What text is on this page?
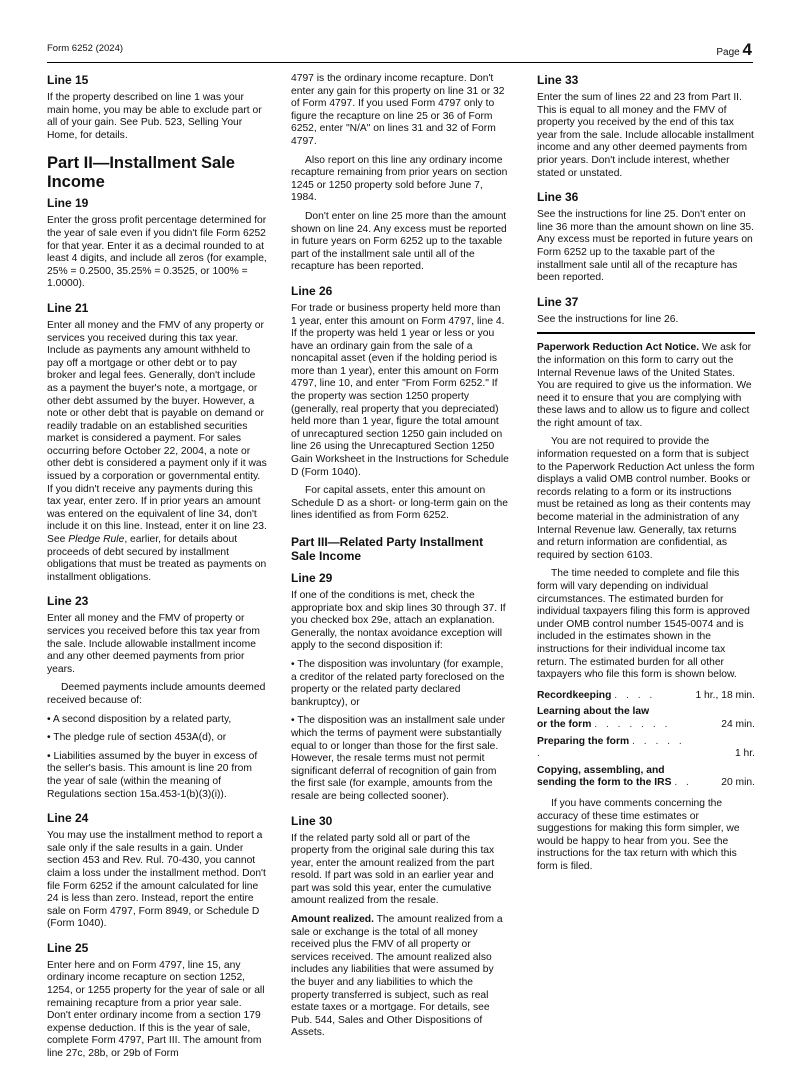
Form 6252 (2024)	Page 4
Line 15

If the property described on line 1 was your main home, you may be able to exclude part or all of your gain. See Pub. 523, Selling Your Home, for details.

Part II—Installment Sale Income
Line 19

Enter the gross profit percentage determined for the year of sale even if you didn't file Form 6252 for that year. Enter it as a decimal rounded to at least 4 digits, and include all zeros (for example, 25% = 0.2500, 35.25% = 0.3525, or 100% = 1.0000).

Line 21

Enter all money and the FMV of any property or services you received during this tax year. Include as payments any amount withheld to pay off a mortgage or other debt or to pay broker and legal fees. Generally, don't include as a payment the buyer's note, a mortgage, or other debt assumed by the buyer. However, a note or other debt that is payable on demand or readily tradable on an established securities market is considered a payment. For sales occurring before October 22, 2004, a note or other debt is considered a payment only if it was issued by a corporation or governmental entity. If you didn't receive any payments during this tax year, enter zero. If in prior years an amount was entered on the equivalent of line 34, don't include it on this line. Instead, enter it on line 23. See Pledge Rule, earlier, for details about proceeds of debt secured by installment obligations that must be treated as payments on installment obligations.

Line 23

Enter all money and the FMV of property or services you received before this tax year from the sale. Include allowable installment income and any other deemed payments from prior years.

Deemed payments include amounts deemed received because of:

• A second disposition by a related party,

• The pledge rule of section 453A(d), or

• Liabilities assumed by the buyer in excess of the seller's basis. This amount is line 20 from the year of sale (within the meaning of Regulations section 15a.453-1(b)(3)(i)).

Line 24

You may use the installment method to report a sale only if the sale results in a gain. Under section 453 and Rev. Rul. 70-430, you cannot claim a loss under the installment method. Don't file Form 6252 if the amount calculated for line 24 is less than zero. Instead, report the entire sale on Form 4797, Form 8949, or Schedule D (Form 1040).

Line 25

Enter here and on Form 4797, line 15, any ordinary income recapture on section 1252, 1254, or 1255 property for the year of sale or all remaining recapture from a prior year sale. Don't enter ordinary income from a section 179 expense deduction. If this is the year of sale, complete Form 4797, Part III. The amount from line 27c, 28b, or 29b of Form

4797 is the ordinary income recapture. Don't enter any gain for this property on line 31 or 32 of Form 4797. If you used Form 4797 only to figure the recapture on line 25 or 36 of Form 6252, enter "N/A" on lines 31 and 32 of Form 4797.

Also report on this line any ordinary income recapture remaining from prior years on section 1245 or 1250 property sold before June 7, 1984.

Don't enter on line 25 more than the amount shown on line 24. Any excess must be reported in future years on Form 6252 up to the taxable part of the installment sale until all of the recapture has been reported.

Line 26

For trade or business property held more than 1 year, enter this amount on Form 4797, line 4. If the property was held 1 year or less or you have an ordinary gain from the sale of a noncapital asset (even if the holding period is more than 1 year), enter this amount on Form 4797, line 10, and enter "From Form 6252." If the property was section 1250 property (generally, real property that you depreciated) held more than 1 year, figure the total amount of unrecaptured section 1250 gain included on line 26 using the Unrecaptured Section 1250 Gain Worksheet in the Instructions for Schedule D (Form 1040).

For capital assets, enter this amount on Schedule D as a short- or long-term gain on the lines identified as from Form 6252.

Part III—Related Party Installment Sale Income
Line 29

If one of the conditions is met, check the appropriate box and skip lines 30 through 37. If you checked box 29e, attach an explanation. Generally, the nontax avoidance exception will apply to the second disposition if:

• The disposition was involuntary (for example, a creditor of the related party foreclosed on the property or the related party declared bankruptcy), or

• The disposition was an installment sale under which the terms of payment were substantially equal to or longer than those for the first sale. However, the resale terms must not permit significant deferral of recognition of gain from the first sale (for example, amounts from the resale are being collected sooner).

Line 30

If the related party sold all or part of the property from the original sale during this tax year, enter the amount realized from the part resold. If part was sold in an earlier year and part was sold this year, enter the cumulative amount realized from the resale.

Amount realized. The amount realized from a sale or exchange is the total of all money received plus the FMV of all property or services received. The amount realized also includes any liabilities that were assumed by the buyer and any liabilities to which the property transferred is subject, such as real estate taxes or a mortgage. For details, see Pub. 544, Sales and Other Dispositions of Assets.

Line 33

Enter the sum of lines 22 and 23 from Part II. This is equal to all money and the FMV of property you received by the end of this tax year from the sale. Include allocable installment income and any other deemed payments from prior years. Don't include interest, whether stated or unstated.

Line 36

See the instructions for line 25. Don't enter on line 36 more than the amount shown on line 35. Any excess must be reported in future years on Form 6252 up to the taxable part of the installment sale until all of the recapture has been reported.

Line 37

See the instructions for line 26.

Paperwork Reduction Act Notice. We ask for the information on this form to carry out the Internal Revenue laws of the United States. You are required to give us the information. We need it to ensure that you are complying with these laws and to allow us to figure and collect the right amount of tax.

You are not required to provide the information requested on a form that is subject to the Paperwork Reduction Act unless the form displays a valid OMB control number. Books or records relating to a form or its instructions must be retained as long as their contents may become material in the administration of any Internal Revenue law. Generally, tax returns and return information are confidential, as required by section 6103.

The time needed to complete and file this form will vary depending on individual circumstances. The estimated burden for individual taxpayers filing this form is approved under OMB control number 1545-0074 and is included in the estimates shown in the instructions for their individual income tax return. The estimated burden for all other taxpayers who file this form is shown below.

Recordkeeping . . . .	1 hr., 18 min.
Learning about the law
or the form . . . . . . .	24 min.
Preparing the form . . . . . .	1 hr.
Copying, assembling, and
sending the form to the IRS . .	20 min.

If you have comments concerning the accuracy of these time estimates or suggestions for making this form simpler, we would be happy to hear from you. See the instructions for the tax return with which this form is filed.
